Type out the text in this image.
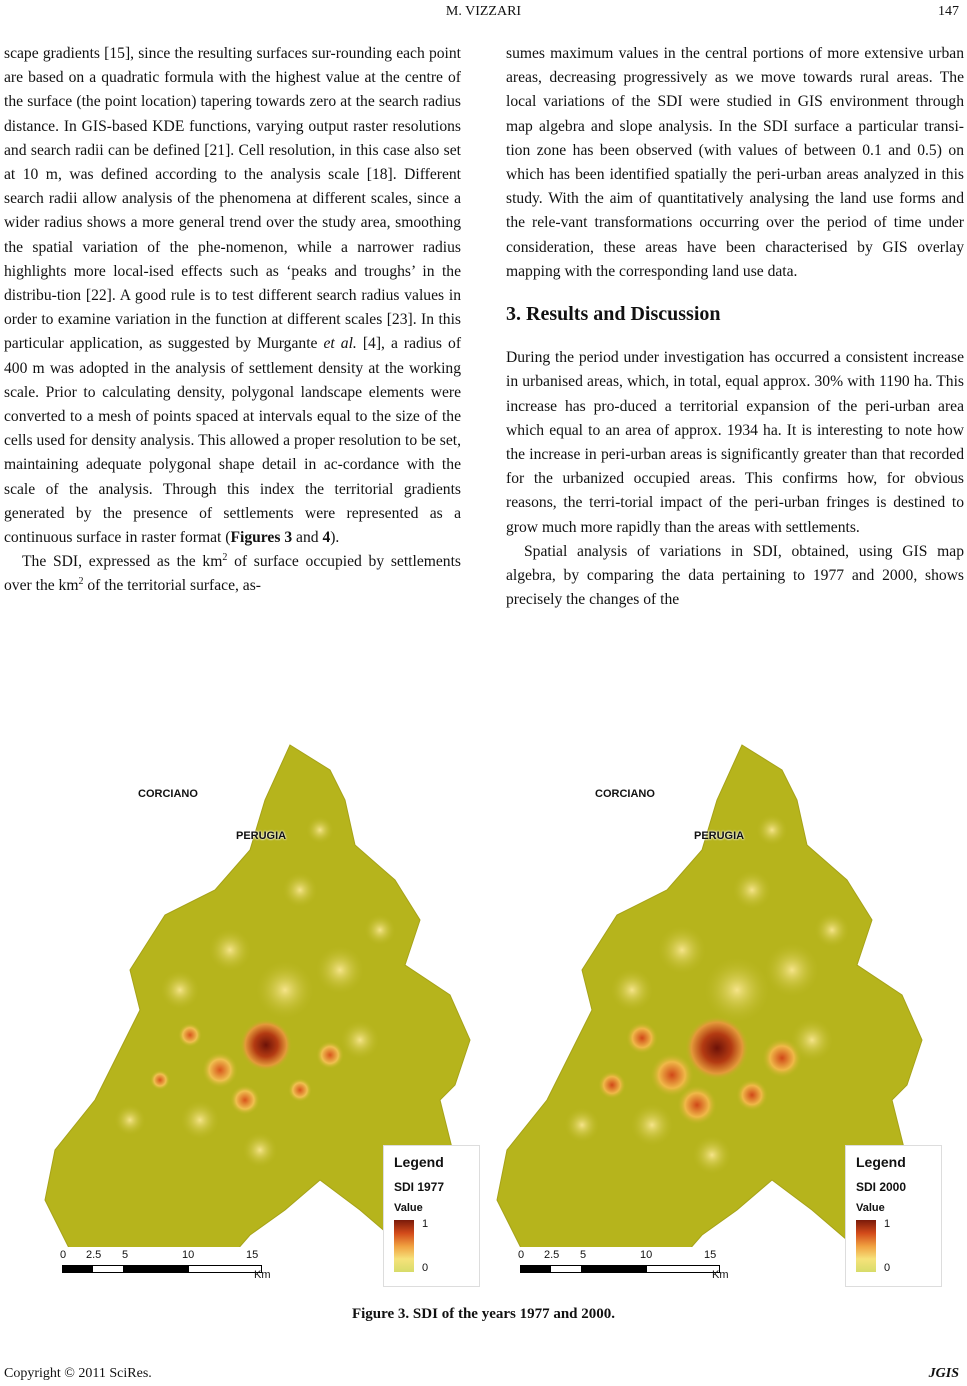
M. VIZZARI	147

scape gradients [15], since the resulting surfaces sur-rounding each point are based on a quadratic formula with the highest value at the centre of the surface (the point location) tapering towards zero at the search radius distance. In GIS-based KDE functions, varying output raster resolutions and search radii can be defined [21]. Cell resolution, in this case also set at 10 m, was defined according to the analysis scale [18]. Different search radii allow analysis of the phenomena at different scales, since a wider radius shows a more general trend over the study area, smoothing the spatial variation of the phe-nomenon, while a narrower radius highlights more local-ised effects such as ‘peaks and troughs’ in the distribu-tion [22]. A good rule is to test different search radius values in order to examine variation in the function at different scales [23]. In this particular application, as suggested by Murgante et al. [4], a radius of 400 m was adopted in the analysis of settlement density at the working scale. Prior to calculating density, polygonal landscape elements were converted to a mesh of points spaced at intervals equal to the size of the cells used for density analysis. This allowed a proper resolution to be set, maintaining adequate polygonal shape detail in ac-cordance with the scale of the analysis. Through this index the territorial gradients generated by the presence of settlements were represented as a continuous surface in raster format (Figures 3 and 4).

The SDI, expressed as the $km^2$ of surface occupied by settlements over the $km^2$ of the territorial surface, as-

sumes maximum values in the central portions of more extensive urban areas, decreasing progressively as we move towards rural areas. The local variations of the SDI were studied in GIS environment through map algebra and slope analysis. In the SDI surface a particular transi-tion zone has been observed (with values of between 0.1 and 0.5) on which has been identified spatially the peri-urban areas analyzed in this study. With the aim of quantitatively analysing the land use forms and the rele-vant transformations occurring over the period of time under consideration, these areas have been characterised by GIS overlay mapping with the corresponding land use data.

3. Results and Discussion

During the period under investigation has occurred a consistent increase in urbanised areas, which, in total, equal approx. 30% with 1190 ha. This increase has pro-duced a territorial expansion of the peri-urban area which equal to an area of approx. 1934 ha. It is interesting to note how the increase in peri-urban areas is significantly greater than that recorded for the urbanized occupied areas. This confirms how, for obvious reasons, the terri-torial impact of the peri-urban fringes is destined to grow much more rapidly than the areas with settlements.

Spatial analysis of variations in SDI, obtained, using GIS map algebra, by comparing the data pertaining to 1977 and 2000, shows precisely the changes of the

CORCIANO
PERUGIA
Legend
SDI 1977
Value
1
0
0 2.5 5	10	15
Km
CORCIANO
PERUGIA
Legend
SDI 2000
Value
1
0
0 2.5 5	10	15
Km
Figure 3. SDI of the years 1977 and 2000.
Copyright © 2011 SciRes.	JGIS
